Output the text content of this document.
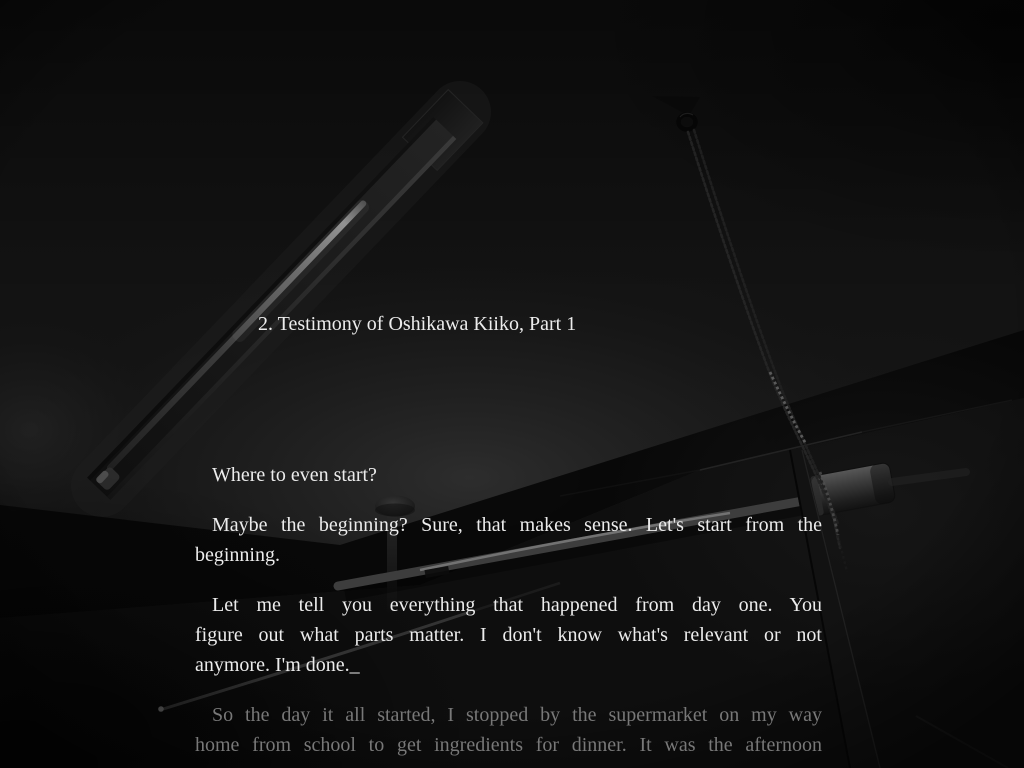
2. Testimony of Oshikawa Kiiko, Part 1

Where to even start?

Maybe the beginning? Sure, that makes sense. Let's start from the
beginning.

Let me tell you everything that happened from day one. You
figure out what parts matter. I don't know what's relevant or not
anymore. I'm done._

So the day it all started, I stopped by the supermarket on my way
home from school to get ingredients for dinner. It was the afternoon
